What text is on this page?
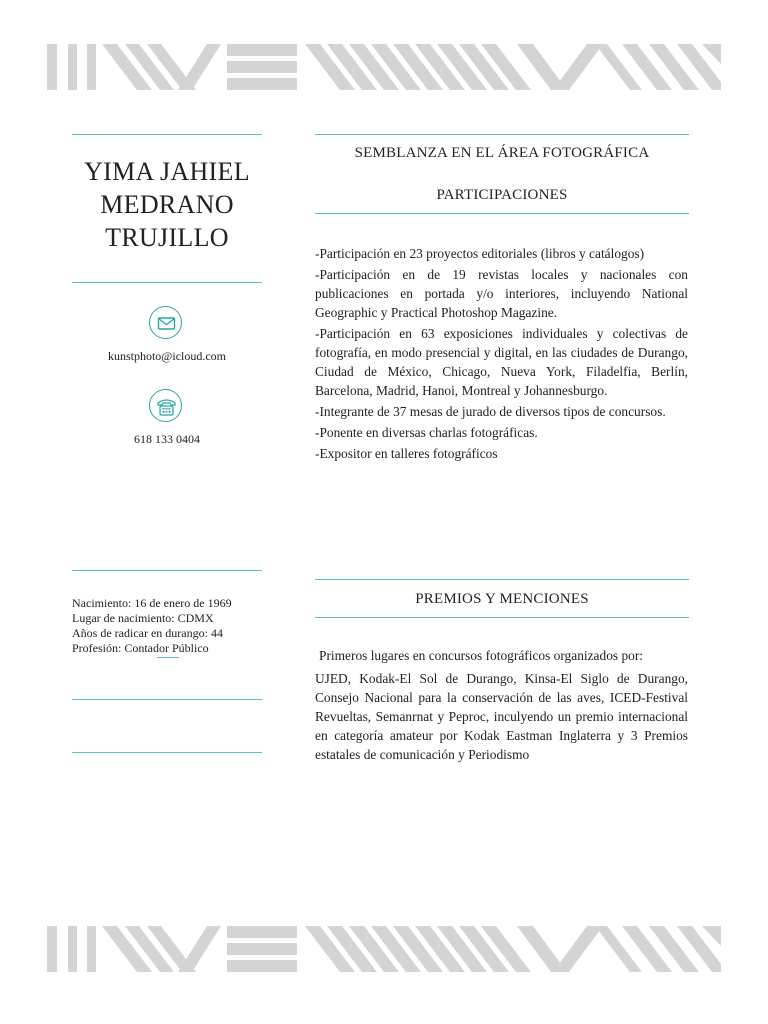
YIMA JAHIEL
MEDRANO
TRUJILLO
kunstphoto@icloud.com
618 133 0404
Nacimiento: 16 de enero de 1969
Lugar de nacimiento: CDMX
Años de radicar en durango: 44
Profesión: Contador Público
SEMBLANZA EN EL ÁREA FOTOGRÁFICA
PARTICIPACIONES

-Participación en 23 proyectos editoriales (libros y catálogos)

-Participación en de 19 revistas locales y nacionales con publicaciones en portada y/o interiores, incluyendo National Geographic y Practical Photoshop Magazine.

-Participación en 63 exposiciones individuales y colectivas de fotografía, en modo presencial y digital, en las ciudades de Durango, Ciudad de México, Chicago, Nueva York, Filadelfia, Berlín, Barcelona, Madrid, Hanoi, Montreal y Johannesburgo.

-Integrante de 37 mesas de jurado de diversos tipos de concursos.

-Ponente en diversas charlas fotográficas.

-Expositor en talleres fotográficos

PREMIOS Y MENCIONES
Primeros lugares en concursos fotográficos organizados por:
UJED, Kodak-El Sol de Durango, Kinsa-El Siglo de Durango, Consejo Nacional para la conservación de las aves, ICED-Festival Revueltas, Semanrnat y Peproc, inculyendo un premio internacional en categoría amateur por Kodak Eastman Inglaterra y 3 Premios estatales de comunicación y Periodismo
